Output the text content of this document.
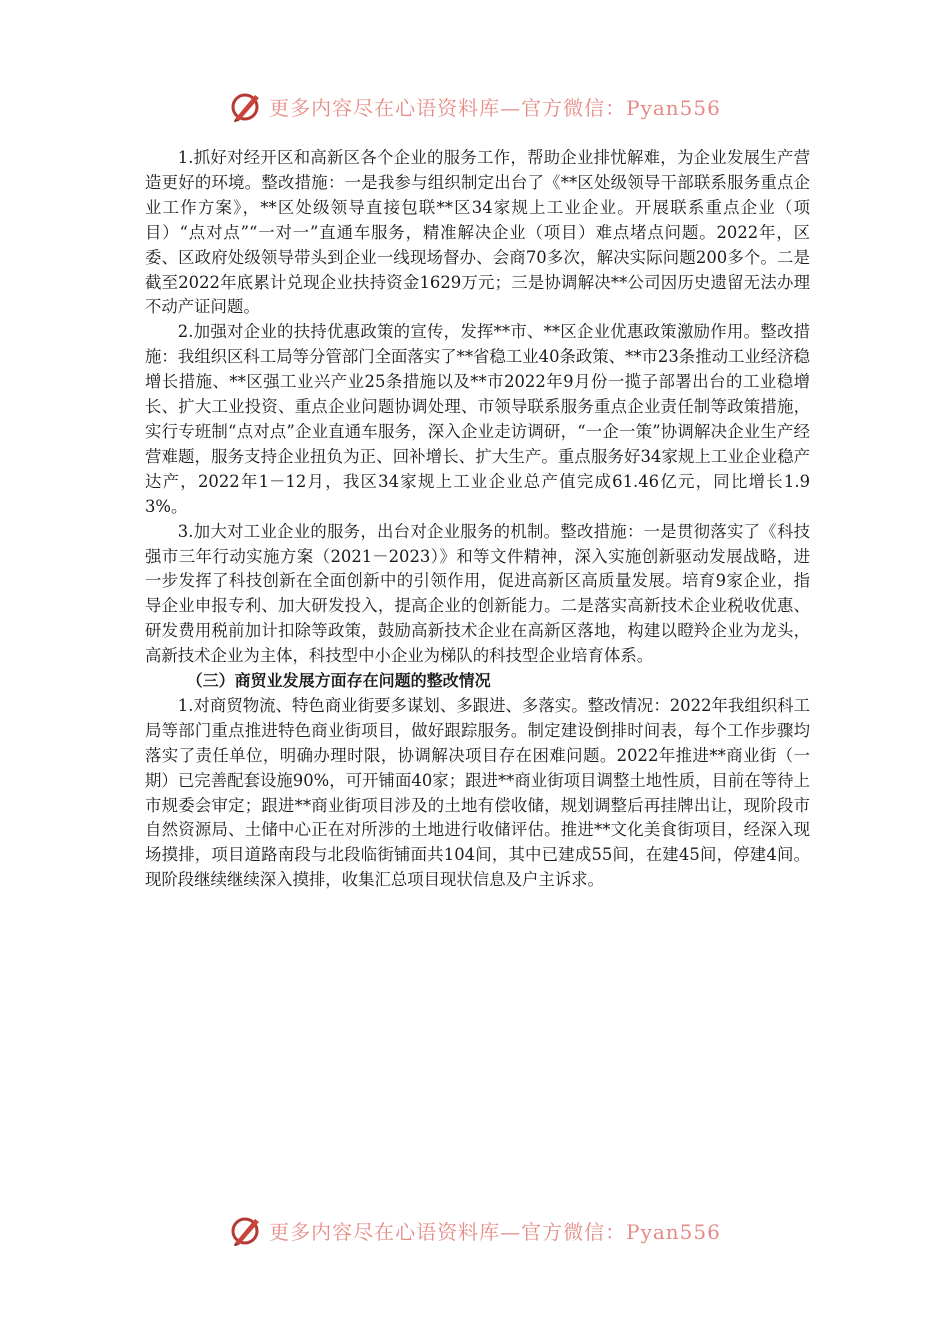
更多内容尽在心语资料库—官方微信：Pyan556

1.抓好对经开区和高新区各个企业的服务工作，帮助企业排忧解难，为企业发展生产营造更好的环境。整改措施：一是我参与组织制定出台了《**区处级领导干部联系服务重点企业工作方案》，**区处级领导直接包联**区34家规上工业企业。开展联系重点企业（项目）“点对点”“一对一”直通车服务，精准解决企业（项目）难点堵点问题。2022年，区委、区政府处级领导带头到企业一线现场督办、会商70多次，解决实际问题200多个。二是截至2022年底累计兑现企业扶持资金1629万元；三是协调解决**公司因历史遗留无法办理不动产证问题。

2.加强对企业的扶持优惠政策的宣传，发挥**市、**区企业优惠政策激励作用。整改措施：我组织区科工局等分管部门全面落实了**省稳工业40条政策、**市23条推动工业经济稳增长措施、**区强工业兴产业25条措施以及**市2022年9月份一揽子部署出台的工业稳增长、扩大工业投资、重点企业问题协调处理、市领导联系服务重点企业责任制等政策措施，实行专班制“点对点”企业直通车服务，深入企业走访调研，“一企一策”协调解决企业生产经营难题，服务支持企业扭负为正、回补增长、扩大生产。重点服务好34家规上工业企业稳产达产，2022年1－12月，我区34家规上工业企业总产值完成61.46亿元，同比增长1.93%。

3.加大对工业企业的服务，出台对企业服务的机制。整改措施：一是贯彻落实了《科技强市三年行动实施方案（2021－2023）》和等文件精神，深入实施创新驱动发展战略，进一步发挥了科技创新在全面创新中的引领作用，促进高新区高质量发展。培育9家企业，指导企业申报专利、加大研发投入，提高企业的创新能力。二是落实高新技术企业税收优惠、研发费用税前加计扣除等政策，鼓励高新技术企业在高新区落地，构建以瞪羚企业为龙头，高新技术企业为主体，科技型中小企业为梯队的科技型企业培育体系。

（三）商贸业发展方面存在问题的整改情况

1.对商贸物流、特色商业街要多谋划、多跟进、多落实。整改情况：2022年我组织科工局等部门重点推进特色商业街项目，做好跟踪服务。制定建设倒排时间表，每个工作步骤均落实了责任单位，明确办理时限，协调解决项目存在困难问题。2022年推进**商业街（一期）已完善配套设施90%，可开铺面40家；跟进**商业街项目调整土地性质，目前在等待上市规委会审定；跟进**商业街项目涉及的土地有偿收储，规划调整后再挂牌出让，现阶段市自然资源局、土储中心正在对所涉的土地进行收储评估。推进**文化美食街项目，经深入现场摸排，项目道路南段与北段临街铺面共104间，其中已建成55间，在建45间，停建4间。现阶段继续继续深入摸排，收集汇总项目现状信息及户主诉求。

更多内容尽在心语资料库—官方微信：Pyan556
